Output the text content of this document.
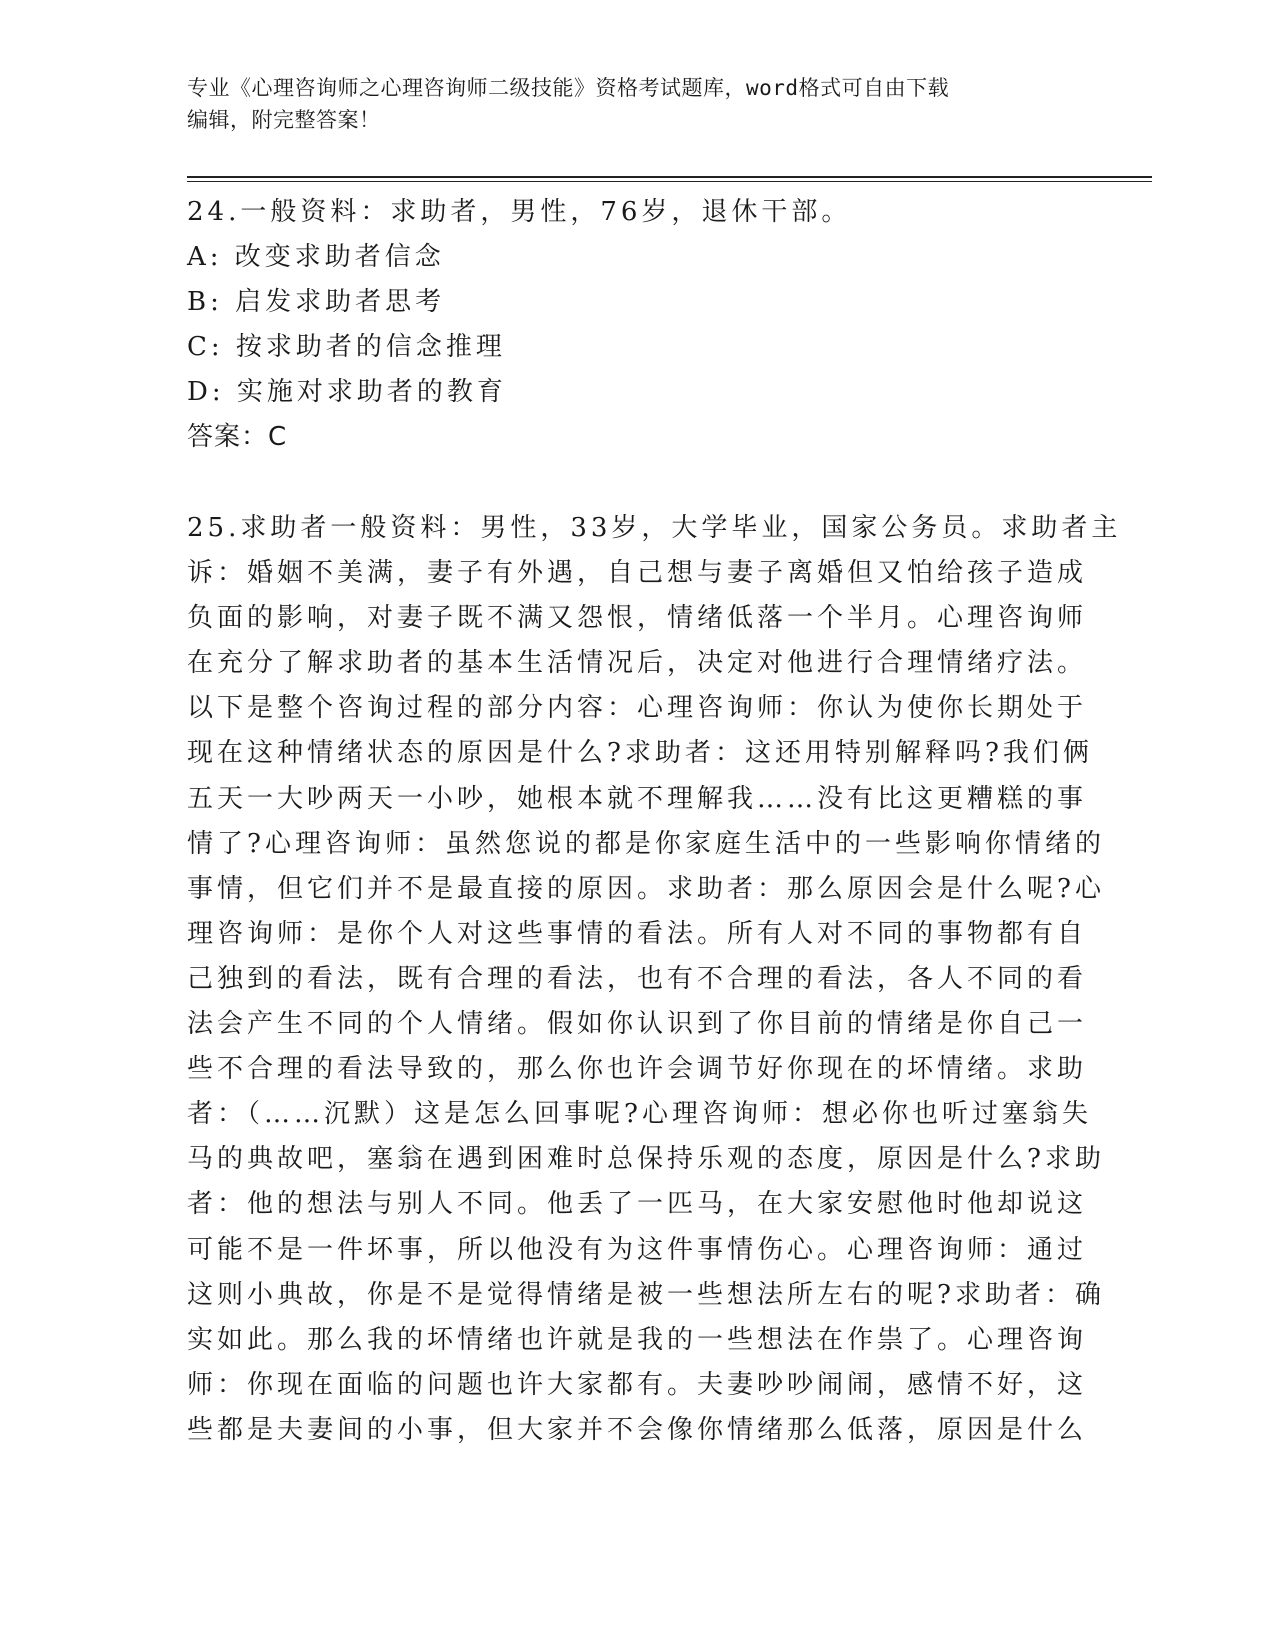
专业《心理咨询师之心理咨询师二级技能》资格考试题库，word格式可自由下载
编辑，附完整答案！
24.一般资料：求助者，男性，76岁，退休干部。
A: 改变求助者信念
B: 启发求助者思考
C: 按求助者的信念推理
D: 实施对求助者的教育
答案：C
25.求助者一般资料：男性，33岁，大学毕业，国家公务员。求助者主
诉：婚姻不美满，妻子有外遇，自己想与妻子离婚但又怕给孩子造成
负面的影响，对妻子既不满又怨恨，情绪低落一个半月。心理咨询师
在充分了解求助者的基本生活情况后，决定对他进行合理情绪疗法。
以下是整个咨询过程的部分内容：心理咨询师：你认为使你长期处于
现在这种情绪状态的原因是什么?求助者：这还用特别解释吗?我们俩
五天一大吵两天一小吵，她根本就不理解我……没有比这更糟糕的事
情了?心理咨询师：虽然您说的都是你家庭生活中的一些影响你情绪的
事情，但它们并不是最直接的原因。求助者：那么原因会是什么呢?心
理咨询师：是你个人对这些事情的看法。所有人对不同的事物都有自
己独到的看法，既有合理的看法，也有不合理的看法，各人不同的看
法会产生不同的个人情绪。假如你认识到了你目前的情绪是你自己一
些不合理的看法导致的，那么你也许会调节好你现在的坏情绪。求助
者：（……沉默）这是怎么回事呢?心理咨询师：想必你也听过塞翁失
马的典故吧，塞翁在遇到困难时总保持乐观的态度，原因是什么?求助
者：他的想法与别人不同。他丢了一匹马，在大家安慰他时他却说这
可能不是一件坏事，所以他没有为这件事情伤心。心理咨询师：通过
这则小典故，你是不是觉得情绪是被一些想法所左右的呢?求助者：确
实如此。那么我的坏情绪也许就是我的一些想法在作祟了。心理咨询
师：你现在面临的问题也许大家都有。夫妻吵吵闹闹，感情不好，这
些都是夫妻间的小事，但大家并不会像你情绪那么低落，原因是什么
